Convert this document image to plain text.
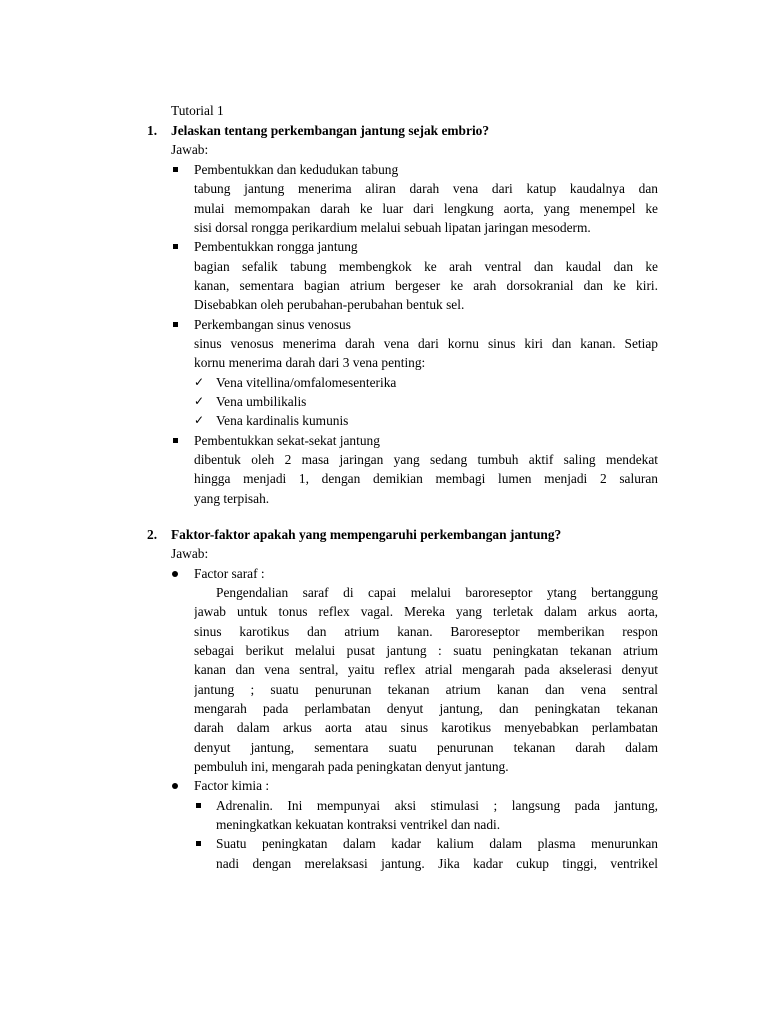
Tutorial 1

1. Jelaskan tentang perkembangan jantung sejak embrio?

Jawab:

Pembentukkan dan kedudukan tabung

tabung jantung menerima aliran darah vena dari katup kaudalnya dan

mulai memompakan darah ke luar dari lengkung aorta, yang menempel ke

sisi dorsal rongga perikardium melalui sebuah lipatan jaringan mesoderm.

Pembentukkan rongga jantung

bagian sefalik tabung membengkok ke arah ventral dan kaudal dan ke

kanan, sementara bagian atrium bergeser ke arah dorsokranial dan ke kiri.

Disebabkan oleh perubahan-perubahan bentuk sel.

Perkembangan sinus venosus

sinus venosus menerima darah vena dari kornu sinus kiri dan kanan. Setiap

kornu menerima darah dari 3 vena penting:

✓ Vena vitellina/omfalomesenterika

✓ Vena umbilikalis

✓ Vena kardinalis kumunis

Pembentukkan sekat-sekat jantung

dibentuk oleh 2 masa jaringan yang sedang tumbuh aktif saling mendekat

hingga menjadi 1, dengan demikian membagi lumen menjadi 2 saluran

yang terpisah.

2. Faktor-faktor apakah yang mempengaruhi perkembangan jantung?

Jawab:

Factor saraf :

Pengendalian saraf di capai melalui baroreseptor ytang bertanggung

jawab untuk tonus reflex vagal. Mereka yang terletak dalam arkus aorta,

sinus karotikus dan atrium kanan. Baroreseptor memberikan respon

sebagai berikut melalui pusat jantung : suatu peningkatan tekanan atrium

kanan dan vena sentral, yaitu reflex atrial mengarah pada akselerasi denyut

jantung ; suatu penurunan tekanan atrium kanan dan vena sentral

mengarah pada perlambatan denyut jantung, dan peningkatan tekanan

darah dalam arkus aorta atau sinus karotikus menyebabkan perlambatan

denyut jantung, sementara suatu penurunan tekanan darah dalam

pembuluh ini, mengarah pada peningkatan denyut jantung.

Factor kimia :

Adrenalin. Ini mempunyai aksi stimulasi ; langsung pada jantung,

meningkatkan kekuatan kontraksi ventrikel dan nadi.

Suatu peningkatan dalam kadar kalium dalam plasma menurunkan

nadi dengan merelaksasi jantung. Jika kadar cukup tinggi, ventrikel
